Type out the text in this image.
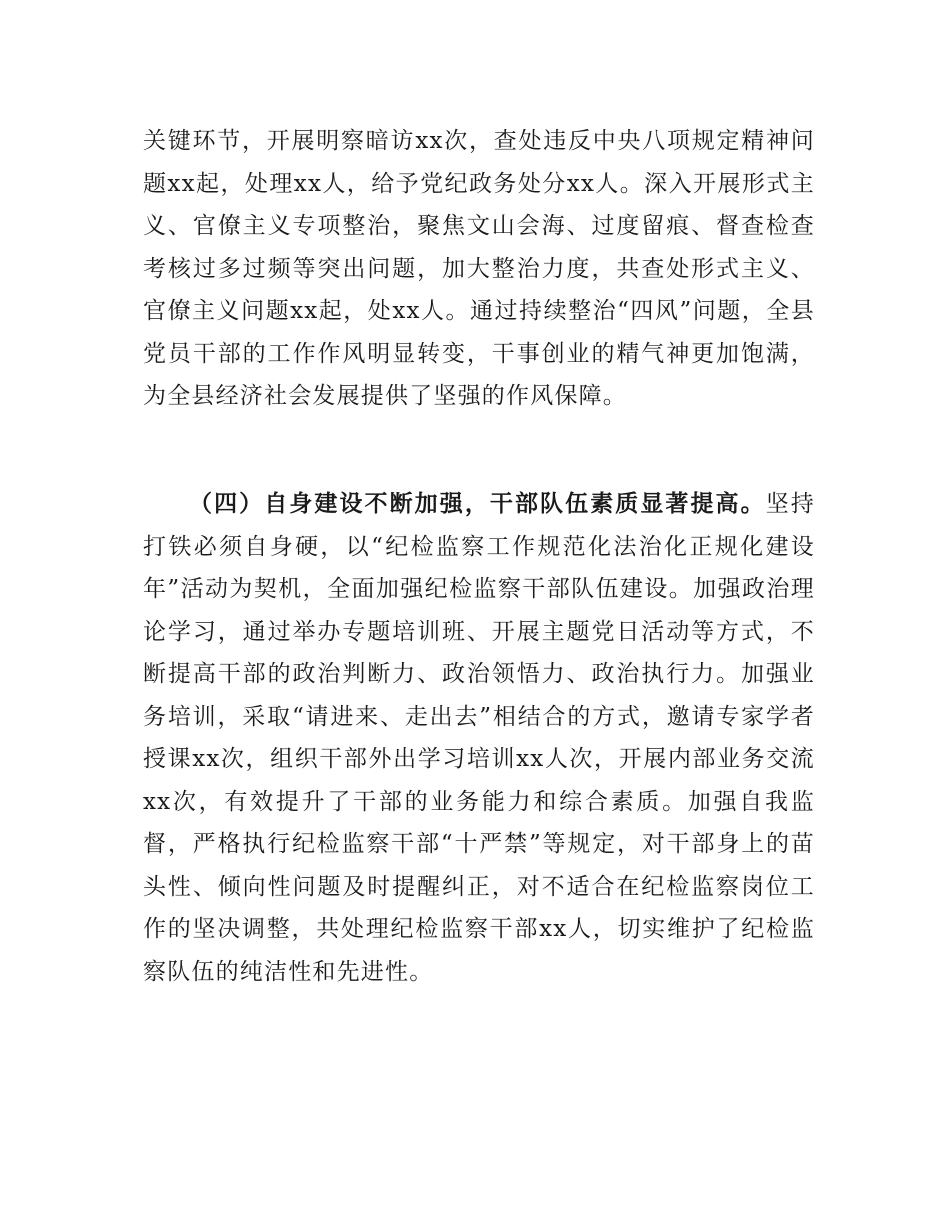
关键环节，开展明察暗访xx次，查处违反中央八项规定精神问题xx起，处理xx人，给予党纪政务处分xx人。深入开展形式主义、官僚主义专项整治，聚焦文山会海、过度留痕、督查检查考核过多过频等突出问题，加大整治力度，共查处形式主义、官僚主义问题xx起，处xx人。通过持续整治“四风”问题，全县党员干部的工作作风明显转变，干事创业的精气神更加饱满，为全县经济社会发展提供了坚强的作风保障。

（四）自身建设不断加强，干部队伍素质显著提高。坚持打铁必须自身硬，以“纪检监察工作规范化法治化正规化建设年”活动为契机，全面加强纪检监察干部队伍建设。加强政治理论学习，通过举办专题培训班、开展主题党日活动等方式，不断提高干部的政治判断力、政治领悟力、政治执行力。加强业务培训，采取“请进来、走出去”相结合的方式，邀请专家学者授课xx次，组织干部外出学习培训xx人次，开展内部业务交流xx次，有效提升了干部的业务能力和综合素质。加强自我监督，严格执行纪检监察干部“十严禁”等规定，对干部身上的苗头性、倾向性问题及时提醒纠正，对不适合在纪检监察岗位工作的坚决调整，共处理纪检监察干部xx人，切实维护了纪检监察队伍的纯洁性和先进性。
